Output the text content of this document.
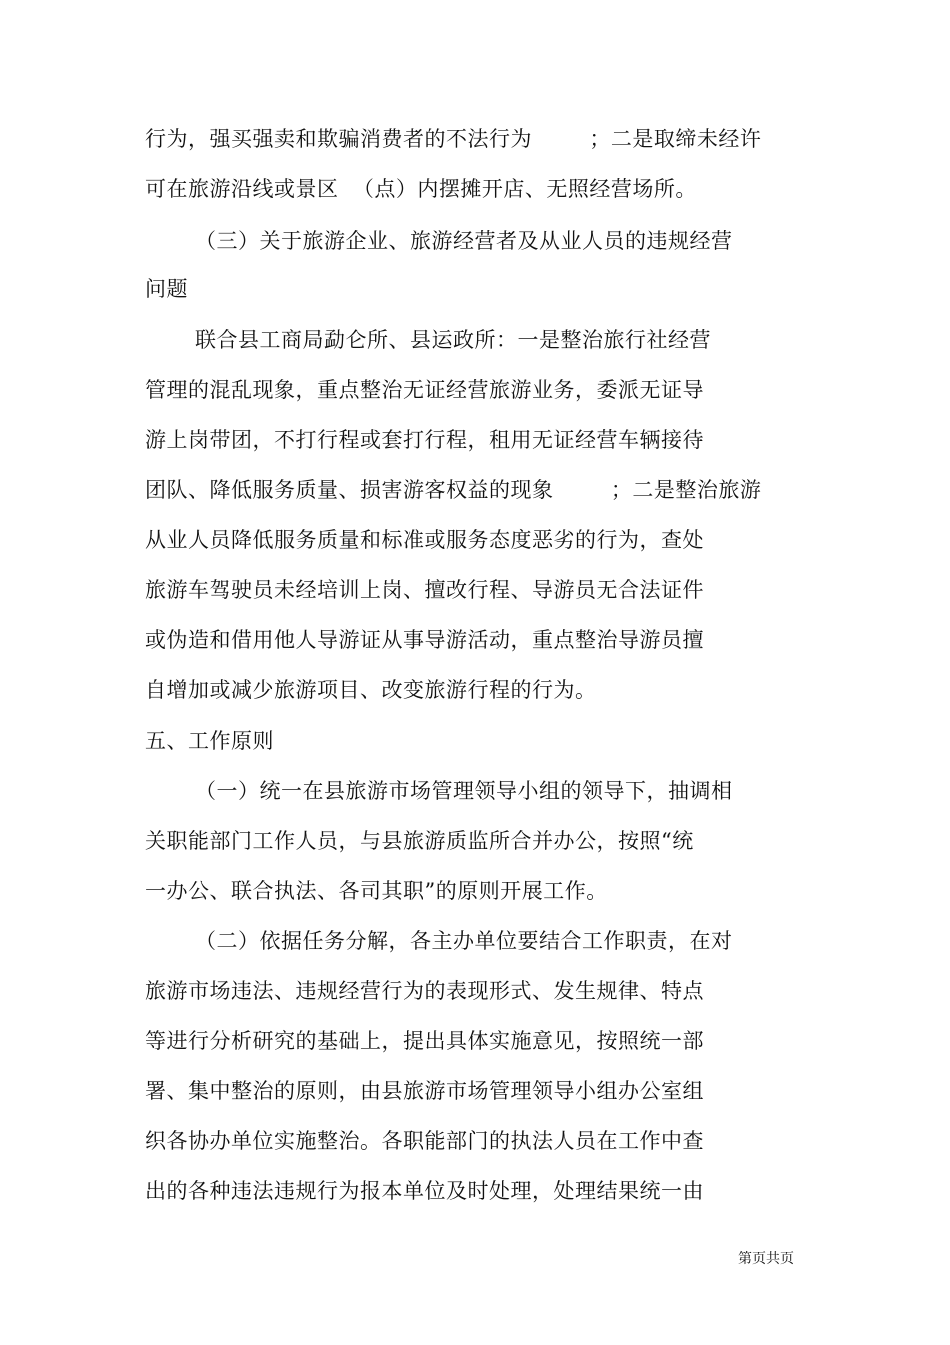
行为，强买强卖和欺骗消费者的不法行为        ；二是取缔未经许
可在旅游沿线或景区  （点）内摆摊开店、无照经营场所。
（三）关于旅游企业、旅游经营者及从业人员的违规经营
问题
联合县工商局勐仑所、县运政所：一是整治旅行社经营
管理的混乱现象，重点整治无证经营旅游业务，委派无证导
游上岗带团，不打行程或套打行程，租用无证经营车辆接待
团队、降低服务质量、损害游客权益的现象        ；二是整治旅游
从业人员降低服务质量和标准或服务态度恶劣的行为，查处
旅游车驾驶员未经培训上岗、擅改行程、导游员无合法证件
或伪造和借用他人导游证从事导游活动，重点整治导游员擅
自增加或减少旅游项目、改变旅游行程的行为。
五、工作原则
（一）统一在县旅游市场管理领导小组的领导下，抽调相
关职能部门工作人员，与县旅游质监所合并办公，按照“统
一办公、联合执法、各司其职”的原则开展工作。
（二）依据任务分解，各主办单位要结合工作职责，在对
旅游市场违法、违规经营行为的表现形式、发生规律、特点
等进行分析研究的基础上，提出具体实施意见，按照统一部
署、集中整治的原则，由县旅游市场管理领导小组办公室组
织各协办单位实施整治。各职能部门的执法人员在工作中查
出的各种违法违规行为报本单位及时处理，处理结果统一由
第页共页
